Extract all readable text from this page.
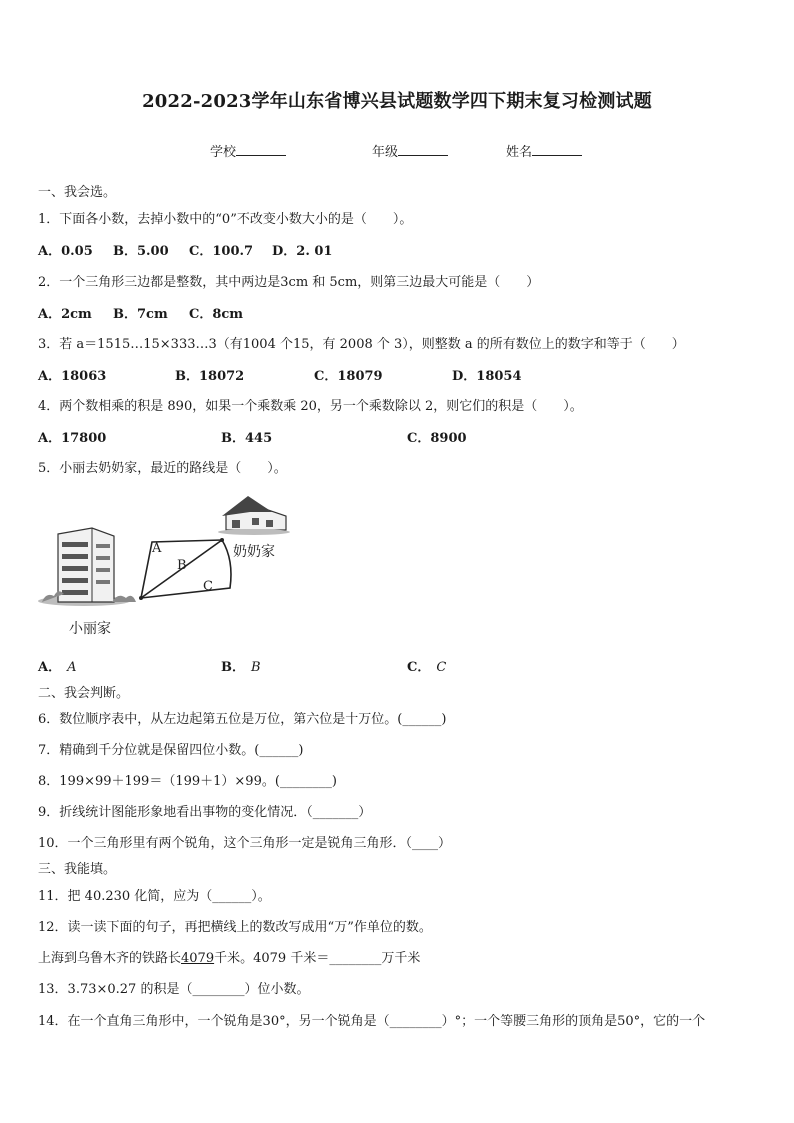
2022-2023学年山东省博兴县试题数学四下期末复习检测试题
学校	年级	姓名
一、我会选。
1．下面各小数，去掉小数中的“0”不改变小数大小的是（　　）。
A．0.05 B．5.00 C．100.7 D．2. 01
2．一个三角形三边都是整数，其中两边是3cm 和 5cm，则第三边最大可能是（　　）
A．2cm B．7cm C．8cm
3．若 a＝1515…15×333…3（有1004 个15，有 2008 个 3），则整数 a 的所有数位上的数字和等于（　　）
A．18063	B．18072	C．18079	D．18054
4．两个数相乘的积是 890，如果一个乘数乘 20，另一个乘数除以 2，则它们的积是（　　）。
A．17800	B．445	C．8900
5．小丽去奶奶家，最近的路线是（　　）。
小丽家
奶奶家
A
B
C
A． A	B． B	C． C
二、我会判断。
6．数位顺序表中，从左边起第五位是万位，第六位是十万位。(______)
7．精确到千分位就是保留四位小数。(______)
8．199×99＋199＝（199＋1）×99。(________)
9．折线统计图能形象地看出事物的变化情况．（_______）
10．一个三角形里有两个锐角，这个三角形一定是锐角三角形．（____）
三、我能填。
11．把 40.230 化简，应为（______）。
12．读一读下面的句子，再把横线上的数改写成用“万”作单位的数。
上海到乌鲁木齐的铁路长4079千米。4079 千米＝________万千米
13．3.73×0.27 的积是（________）位小数。
14．在一个直角三角形中，一个锐角是30°，另一个锐角是（________）°；一个等腰三角形的顶角是50°，它的一个
